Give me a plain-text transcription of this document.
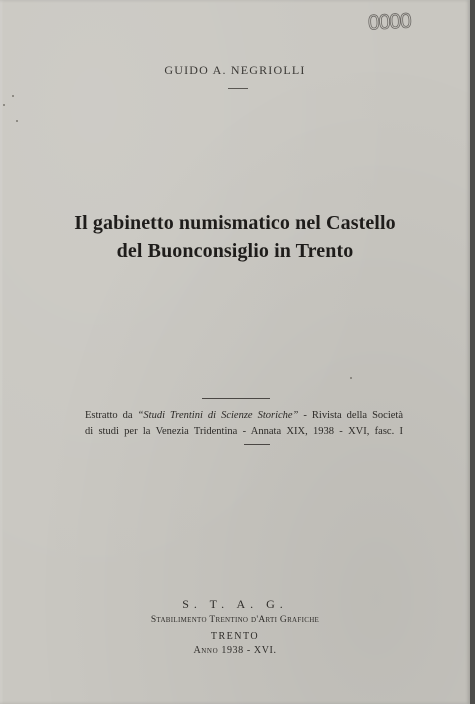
0000
GUIDO A. NEGRIOLLI
Il gabinetto numismatico nel Castello
del Buonconsiglio in Trento
Estratto da “Studi Trentini di Scienze Storiche” - Rivista della Società
di studi per la Venezia Tridentina - Annata XIX, 1938 - XVI, fasc. I
S. T. A. G.
Stabilimento Trentino d'Arti Grafiche
TRENTO
Anno 1938 - XVI.
